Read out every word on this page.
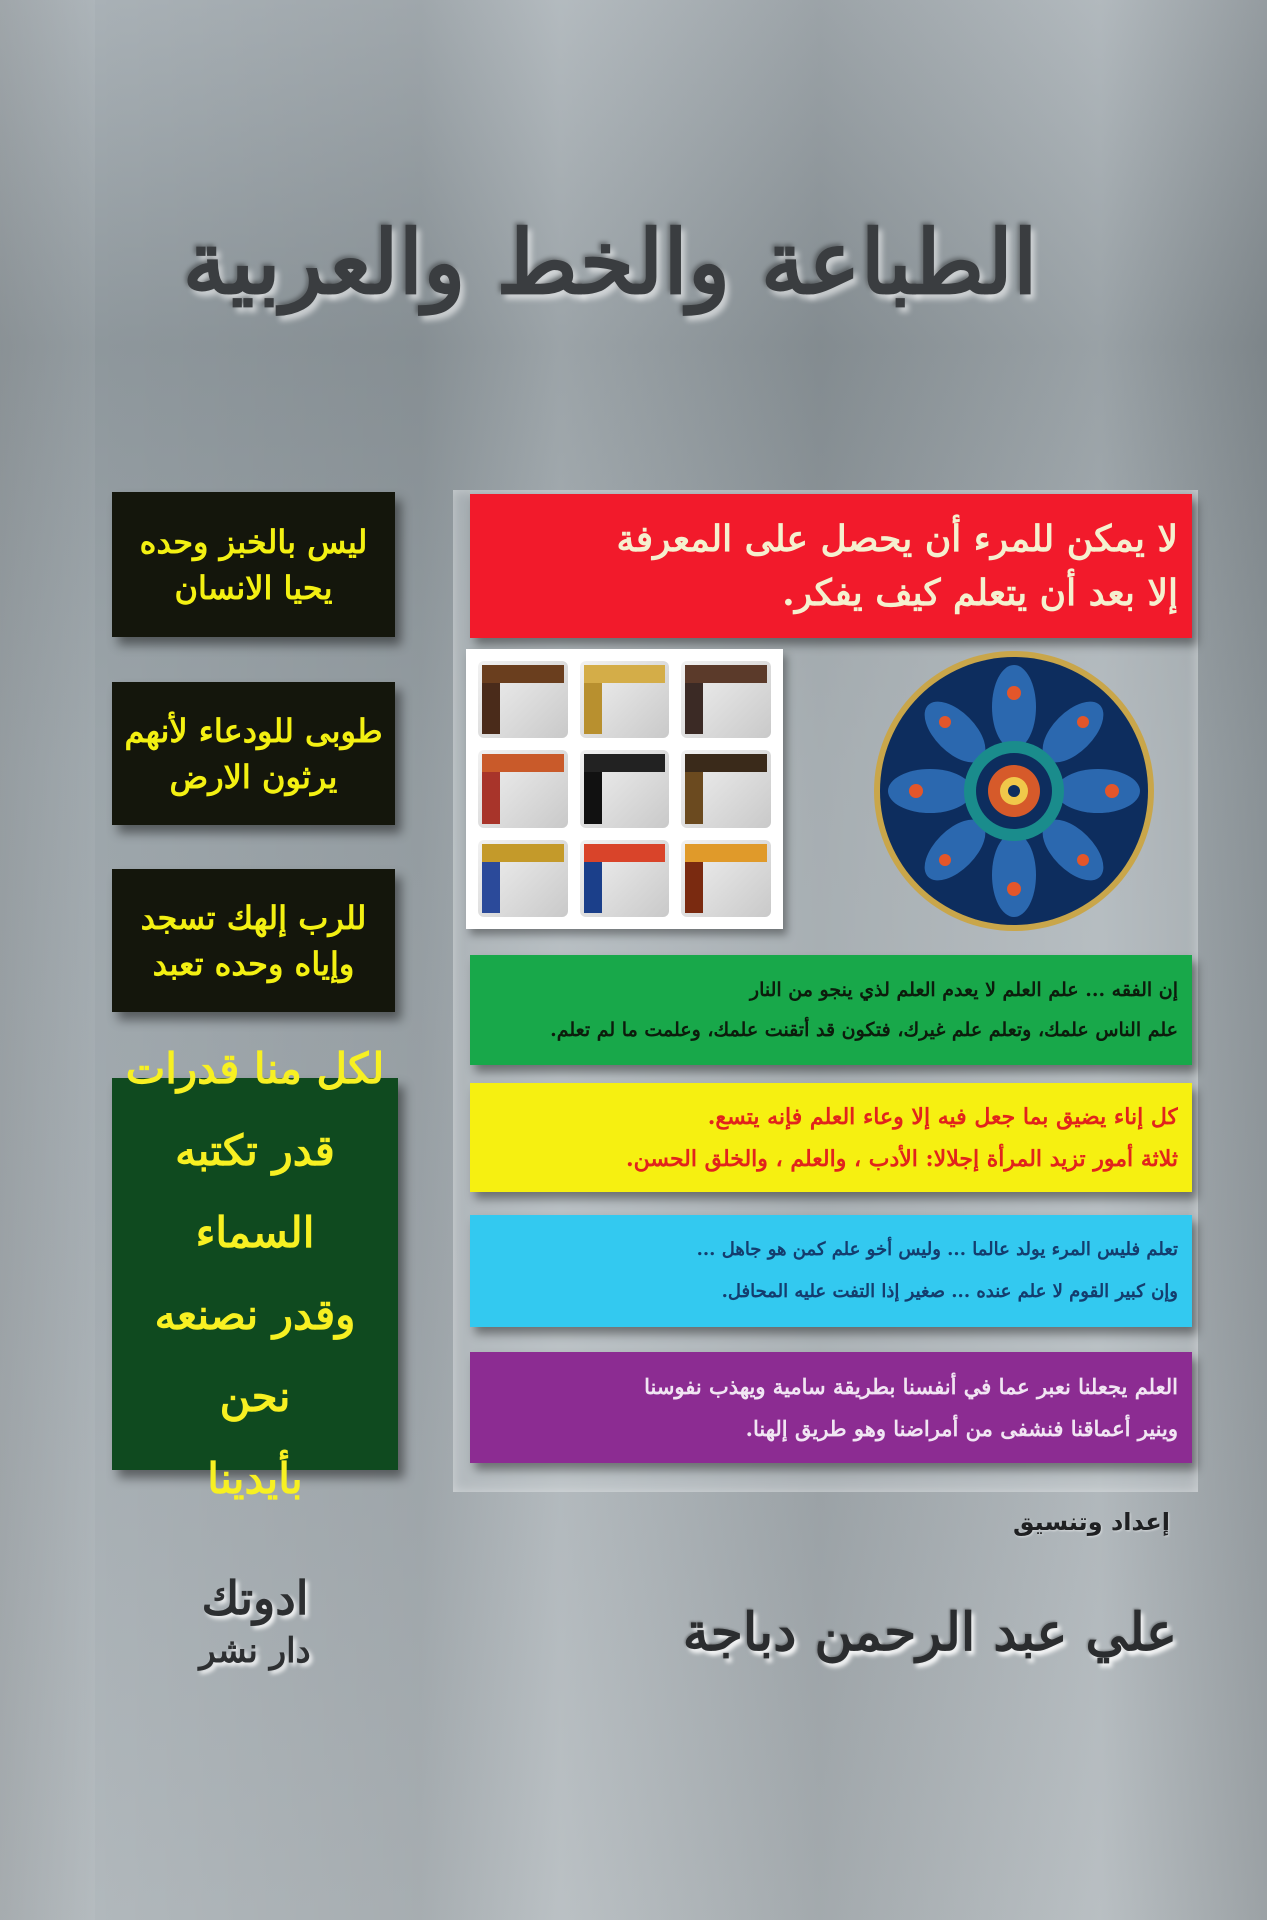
الطباعة والخط والعربية
ليس بالخبز وحده
يحيا الانسان
طوبى للودعاء لأنهم
يرثون الارض
للرب إلهك تسجد
وإياه وحده تعبد
لكل منا قدرات
قدر تكتبه السماء
وقدر نصنعه نحن
بأيدينا
لا يمكن للمرء أن يحصل على المعرفة
إلا بعد أن يتعلم كيف يفكر.
إن الفقه ... علم العلم لا يعدم العلم لذي ينجو من النار
علم الناس علمك، وتعلم علم غيرك، فتكون قد أتقنت علمك، وعلمت ما لم تعلم.
كل إناء يضيق بما جعل فيه إلا وعاء العلم فإنه يتسع.
ثلاثة أمور تزيد المرأة إجلالا: الأدب ، والعلم ، والخلق الحسن.
تعلم فليس المرء يولد عالما ... وليس أخو علم كمن هو جاهل ...
وإن كبير القوم لا علم عنده ... صغير إذا التفت عليه المحافل.
العلم يجعلنا نعبر عما في أنفسنا بطريقة سامية ويهذب نفوسنا
وينير أعماقنا فنشفى من أمراضنا وهو طريق إلهنا.
إعداد وتنسيق
علي عبد الرحمن دباجة
ادوتك
دار نشر
